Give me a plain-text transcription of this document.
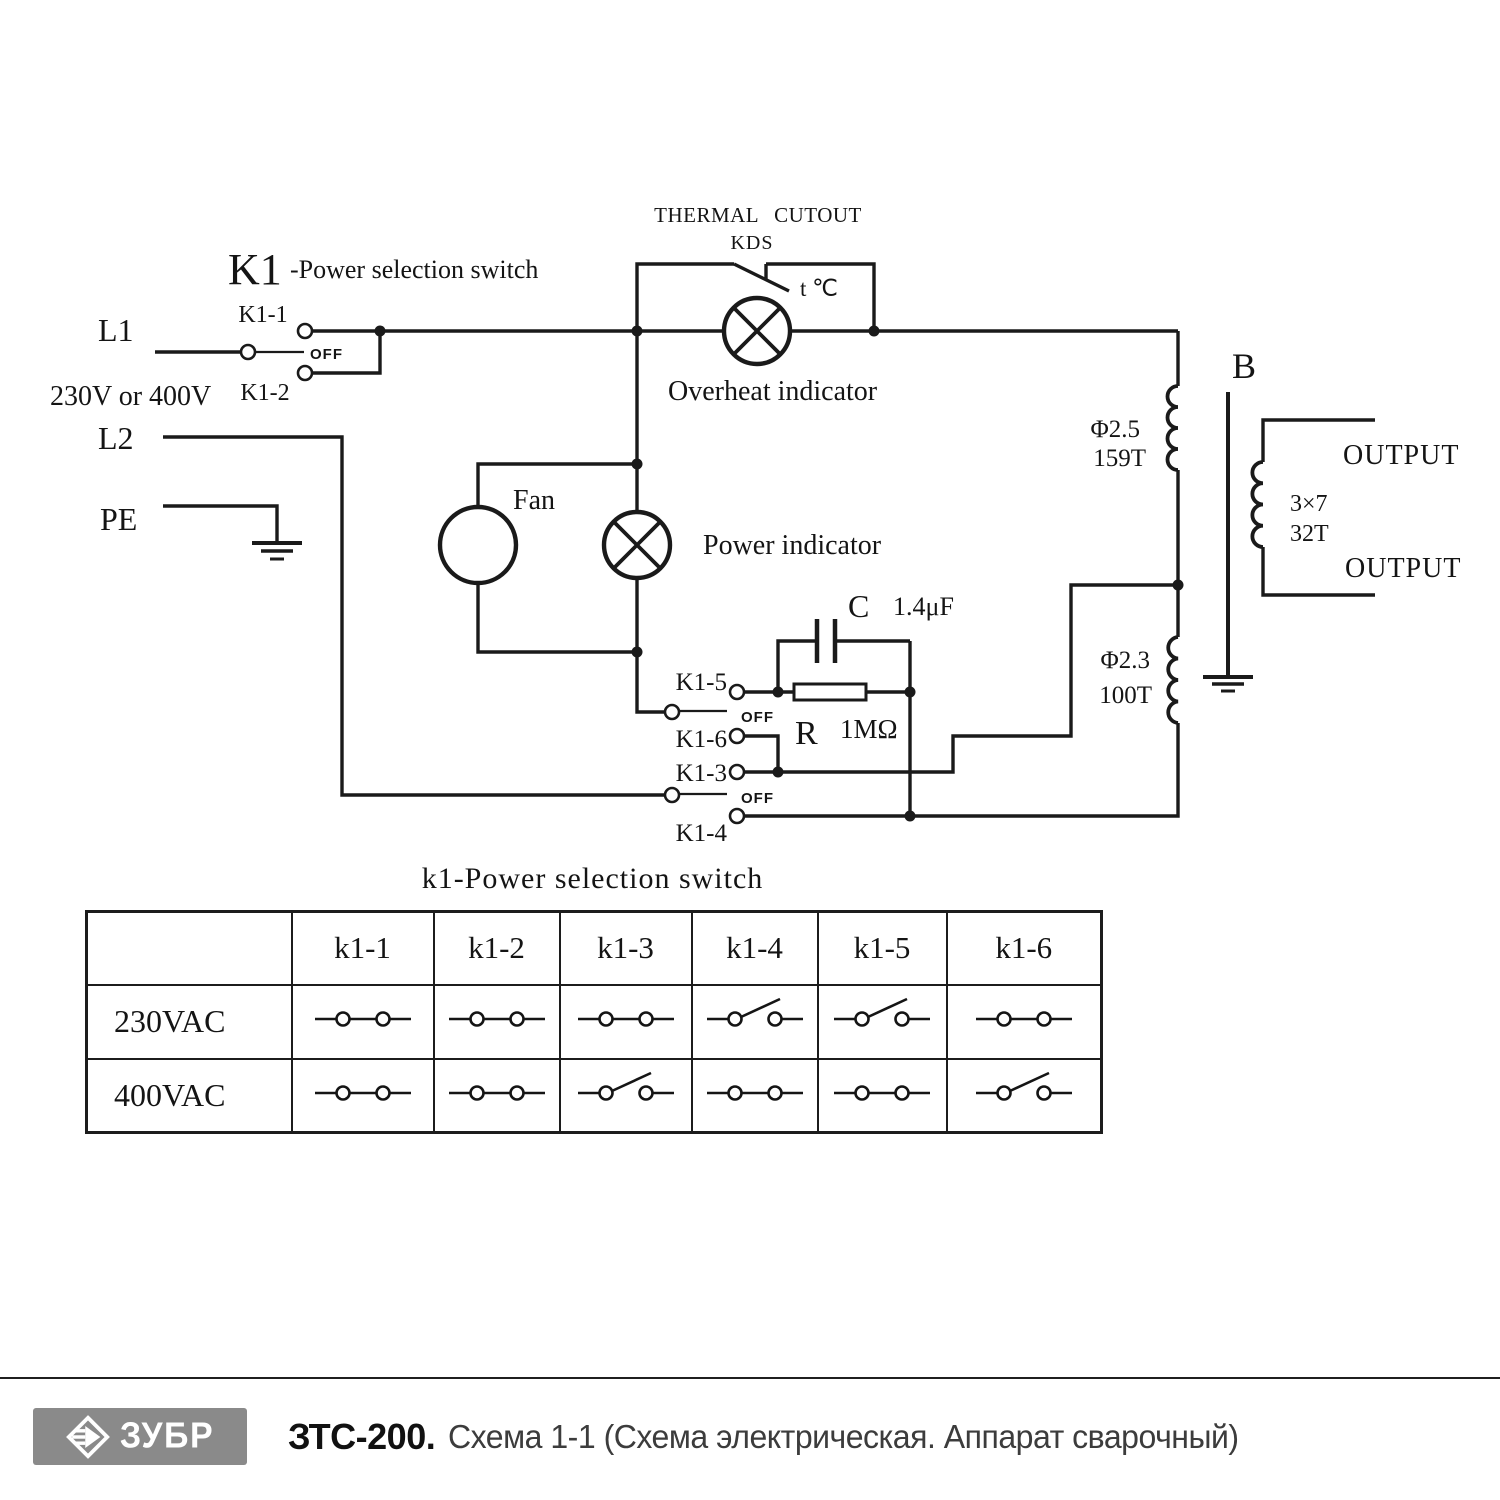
THERMAL CUTOUT
KDS
t ℃
K1 -Power selection switch
L1
230V or 400V
L2
PE
K1-1
K1-2
OFF
Overheat indicator
Fan
Power indicator
C 1.4μF
R 1MΩ
K1-5
K1-6
K1-3
K1-4
OFF
OFF
Φ2.5
159T
Φ2.3
100T
B
3×7
32T
OUTPUT
OUTPUT
k1-Power selection switch
	k1-1	k1-2	k1-3	k1-4	k1-5	k1-6
230VAC						
400VAC						
ЗУБР ЗТС-200. Схема 1-1 (Схема электрическая. Аппарат сварочный)
